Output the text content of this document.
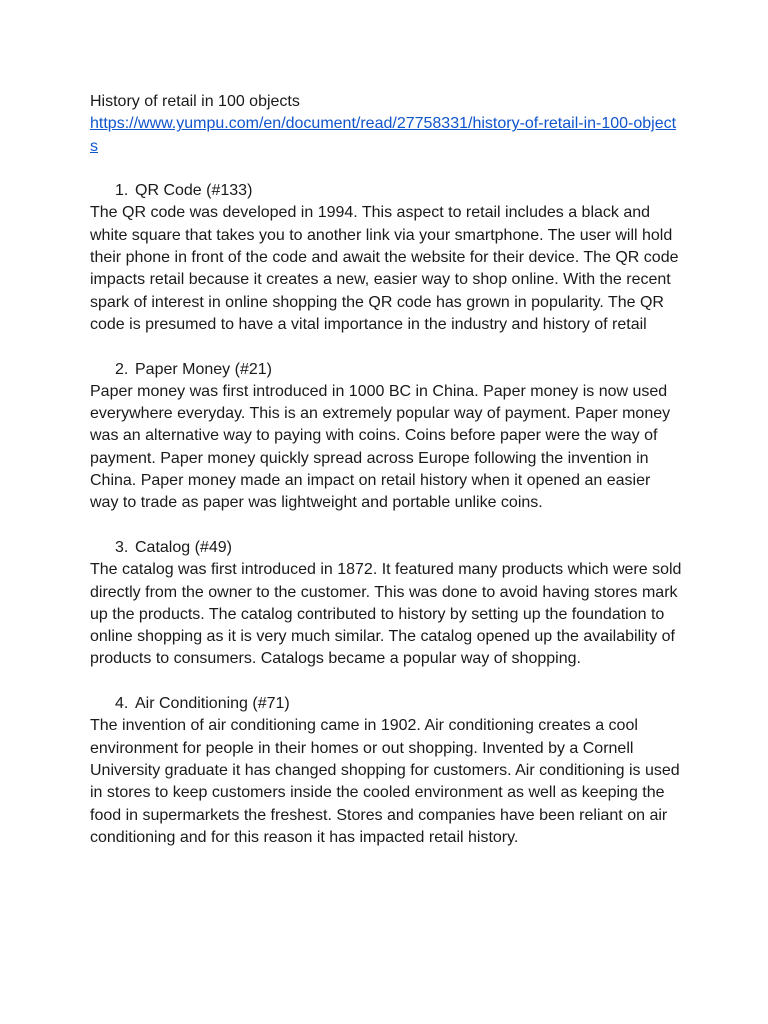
History of retail in 100 objects

https://www.yumpu.com/en/document/read/27758331/history-of-retail-in-100-objects

1. QR Code (#133)

The QR code was developed in 1994. This aspect to retail includes a black and white square that takes you to another link via your smartphone. The user will hold their phone in front of the code and await the website for their device. The QR code impacts retail because it creates a new, easier way to shop online. With the recent spark of interest in online shopping the QR code has grown in popularity. The QR code is presumed to have a vital importance in the industry and history of retail

2. Paper Money (#21)

Paper money was first introduced in 1000 BC in China. Paper money is now used everywhere everyday. This is an extremely popular way of payment. Paper money was an alternative way to paying with coins. Coins before paper were the way of payment. Paper money quickly spread across Europe following the invention in China. Paper money made an impact on retail history when it opened an easier way to trade as paper was lightweight and portable unlike coins.

3. Catalog (#49)

The catalog was first introduced in 1872. It featured many products which were sold directly from the owner to the customer. This was done to avoid having stores mark up the products. The catalog contributed to history by setting up the foundation to online shopping as it is very much similar. The catalog opened up the availability of products to consumers. Catalogs became a popular way of shopping.

4. Air Conditioning (#71)

The invention of air conditioning came in 1902. Air conditioning creates a cool environment for people in their homes or out shopping. Invented by a Cornell University graduate it has changed shopping for customers. Air conditioning is used in stores to keep customers inside the cooled environment as well as keeping the food in supermarkets the freshest. Stores and companies have been reliant on air conditioning and for this reason it has impacted retail history.
